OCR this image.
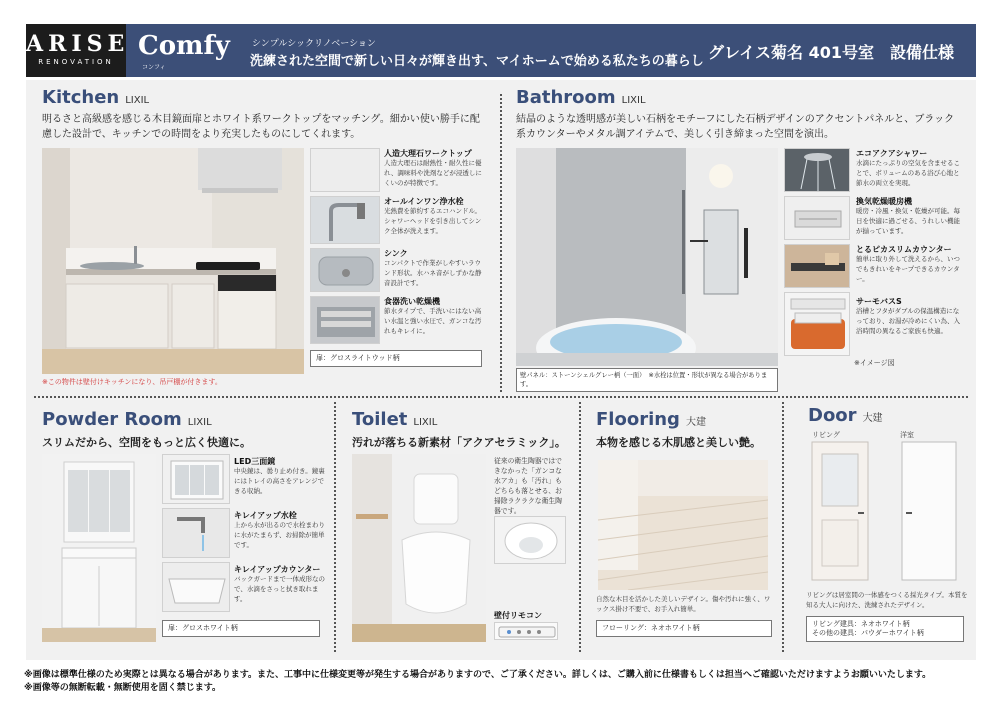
ARISE
RENOVATION
Comfy
コンフィ
シンプルシックリノベーション
洗練された空間で新しい日々が輝き出す、マイホームで始める私たちの暮らし グレイス菊名 401号室　設備仕様
Kitchen LIXIL
明るさと高級感を感じる木目鏡面扉とホワイト系ワークトップをマッチング。細かい使い勝手に配慮した設計で、キッチンでの時間をより充実したものにしてくれます。
人造大理石ワークトップ
人造大理石は耐熱性・耐久性に優れ、調味料や洗剤などが浸透しにくいのが特徴です。
オールインワン浄水栓
光熱費を節約するエコハンドル。シャワーヘッドを引き出してシンク全体が洗えます。
シンク
コンパクトで作業がしやすいラウンド形状。水ハネ音がしずかな静音設計です。
食器洗い乾燥機
節水タイプで、手洗いにはない高い水温と強い水圧で、ガンコな汚れもキレイに。
扉：グロスライトウッド柄
※この物件は壁付けキッチンになり、吊戸棚が付きます。
Bathroom LIXIL
結晶のような透明感が美しい石柄をモチーフにした石柄デザインのアクセントパネルと、ブラック系カウンターやメタル調アイテムで、美しく引き締まった空間を演出。
エコアクアシャワー
水滴にたっぷりの空気を含ませることで、ボリュームのある浴び心地と節水の両立を実現。
換気乾燥暖房機
暖房・冷風・換気・乾燥が可能。毎日を快適に過ごせる、うれしい機能が揃っています。
とるピカスリムカウンター
簡単に取り外して洗えるから、いつでもきれいをキープできるカウンター。
サーモバスS
浴槽とフタがダブルの保温構造になっており、お湯が冷めにくい為、入浴時間の異なるご家族も快適。
※イメージ図
壁パネル：ストーンシェルグレー柄（一面）　※水栓は位置・形状が異なる場合があります。
Powder Room LIXIL
スリムだから、空間をもっと広く快適に。
LED三面鏡
中央鏡は、曇り止め付き。鏡裏にはトレイの高さをアレンジできる収納。
キレイアップ水栓
上から水が出るので水栓まわりに水がたまらず、お掃除が簡単です。
キレイアップカウンター
バックガードまで一体成形なので、水滴をさっと拭き取れます。
扉：グロスホワイト柄
Toilet LIXIL
汚れが落ちる新素材「アクアセラミック」。
従来の衛生陶器ではできなかった「ガンコな水アカ」も「汚れ」もどちらも落とせる、お掃除ラクラクな衛生陶器です。
壁付リモコン
Flooring 大建
本物を感じる木肌感と美しい艶。
自然な木目を活かした美しいデザイン。傷や汚れに強く、ワックス掛け不要で、お手入れ簡単。
フローリング：ネオホワイト柄
Door 大建
リビング	洋室
リビングは居室間の一体感をつくる採光タイプ。本質を知る大人に向けた、洗練されたデザイン。
リビング建具：ネオホワイト柄
その他の建具：パウダーホワイト柄
※画像は標準仕様のため実際とは異なる場合があります。また、工事中に仕様変更等が発生する場合がありますので、ご了承ください。詳しくは、ご購入前に仕様書もしくは担当へご確認いただけますようお願いいたします。
※画像等の無断転載・無断使用を固く禁じます。
